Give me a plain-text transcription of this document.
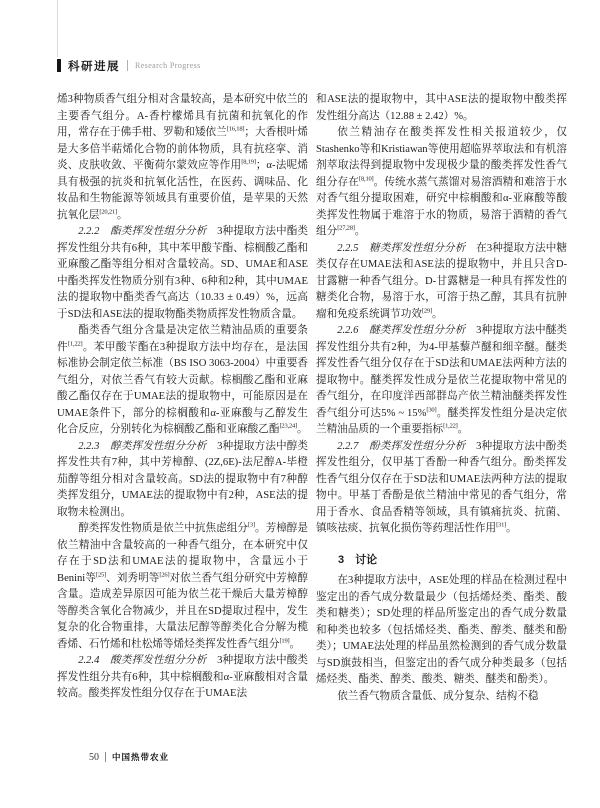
科研进展 Research Progress

烯3种物质香气组分相对含量较高，是本研究中依兰的主要香气组分。A-香柠檬烯具有抗菌和抗氧化的作用，常存在于佛手柑、罗勒和矮依兰[16,18]；大香根叶烯是大多倍半萜烯化合物的前体物质，具有抗痉挛、消炎、皮肤收敛、平衡荷尔蒙效应等作用[8,19]；α-法呢烯具有极强的抗炎和抗氧化活性，在医药、调味品、化妆品和生物能源等领域具有重要价值，是苹果的天然抗氧化层[20,21]。

2.2.2　酯类挥发性组分分析　3种提取方法中酯类挥发性组分共有6种，其中苯甲酸苄酯、棕榈酸乙酯和亚麻酸乙酯等组分相对含量较高。SD、UMAE和ASE中酯类挥发性物质分别有3种、6种和2种，其中UMAE法的提取物中酯类香气高达（10.33 ± 0.49）%，远高于SD法和ASE法的提取物酯类物质挥发性物质含量。

酯类香气组分含量是决定依兰精油品质的重要条件[1,22]。苯甲酸苄酯在3种提取方法中均存在，是法国标准协会制定依兰标准（BS ISO 3063-2004）中重要香气组分，对依兰香气有较大贡献。棕榈酸乙酯和亚麻酸乙酯仅存在于UMAE法的提取物中，可能原因是在UMAE条件下，部分的棕榈酸和α-亚麻酸与乙醇发生化合反应，分别转化为棕榈酸乙酯和亚麻酸乙酯[23,24]。

2.2.3　醇类挥发性组分分析　3种提取方法中醇类挥发性共有7种，其中芳樟醇、(2Z,6E)-法尼醇A-毕橙茄醇等组分相对含量较高。SD法的提取物中有7种醇类挥发组分，UMAE法的提取物中有2种，ASE法的提取物未检测出。

醇类挥发性物质是依兰中抗焦虑组分[3]。芳樟醇是依兰精油中含量较高的一种香气组分，在本研究中仅存在于SD法和UMAE法的提取物中，含量远小于Benini等[25]、刘秀明等[26]对依兰香气组分研究中芳樟醇含量。造成差异原因可能为依兰花干燥后大量芳樟醇等醇类含氧化合物减少，并且在SD提取过程中，发生复杂的化合物重排，大量法尼醇等醇类化合分解为榄香烯、石竹烯和杜松烯等烯烃类挥发性香气组分[19]。

2.2.4　酸类挥发性组分分析　3种提取方法中酸类挥发性组分共有6种，其中棕榈酸和α-亚麻酸相对含量较高。酸类挥发性组分仅存在于UMAE法

和ASE法的提取物中，其中ASE法的提取物中酸类挥发性组分高达（12.88 ± 2.42）%。

依兰精油存在酸类挥发性相关报道较少，仅Stashenko等和Kristiawan等使用超临界萃取法和有机溶剂萃取法得到提取物中发现极少量的酸类挥发性香气组分存在[8,10]。传统水蒸气蒸馏对易溶酒精和难溶于水对香气组分提取困难，研究中棕榈酸和α-亚麻酸等酸类挥发性物属于难溶于水的物质，易溶于酒精的香气组分[27,28]。

2.2.5　糖类挥发性组分分析　在3种提取方法中糖类仅存在UMAE法和ASE法的提取物中，并且只含D-甘露糖一种香气组分。D-甘露糖是一种具有挥发性的糖类化合物，易溶于水，可溶于热乙醇，其具有抗肿瘤和免疫系统调节功效[29]。

2.2.6　醚类挥发性组分分析　3种提取方法中醚类挥发性组分共有2种，为4-甲基藜芦醚和细辛醚。醚类挥发性香气组分仅存在于SD法和UMAE法两种方法的提取物中。醚类挥发性成分是依兰花提取物中常见的香气组分，在印度洋西部群岛产依兰精油醚类挥发性香气组分可达5% ~ 15%[30]。醚类挥发性组分是决定依兰精油品质的一个重要指标[1,22]。

2.2.7　酚类挥发性组分分析　3种提取方法中酚类挥发性组分，仅甲基丁香酚一种香气组分。酚类挥发性香气组分仅存在于SD法和UMAE法两种方法的提取物中。甲基丁香酚是依兰精油中常见的香气组分，常用于香水、食品香精等领域，具有镇痛抗炎、抗菌、镇咳祛痰、抗氧化损伤等药理活性作用[31]。

3　讨论

在3种提取方法中，ASE处理的样品在检测过程中鉴定出的香气成分数量最少（包括烯烃类、酯类、酸类和糖类）；SD处理的样品所鉴定出的香气成分数量和种类也较多（包括烯烃类、酯类、醇类、醚类和酚类）；UMAE法处理的样品虽然检测到的香气成分数量与SD旗鼓相当，但鉴定出的香气成分种类最多（包括烯烃类、酯类、醇类、酸类、糖类、醚类和酚类）。

依兰香气物质含量低、成分复杂、结构不稳

50 中国热带农业
